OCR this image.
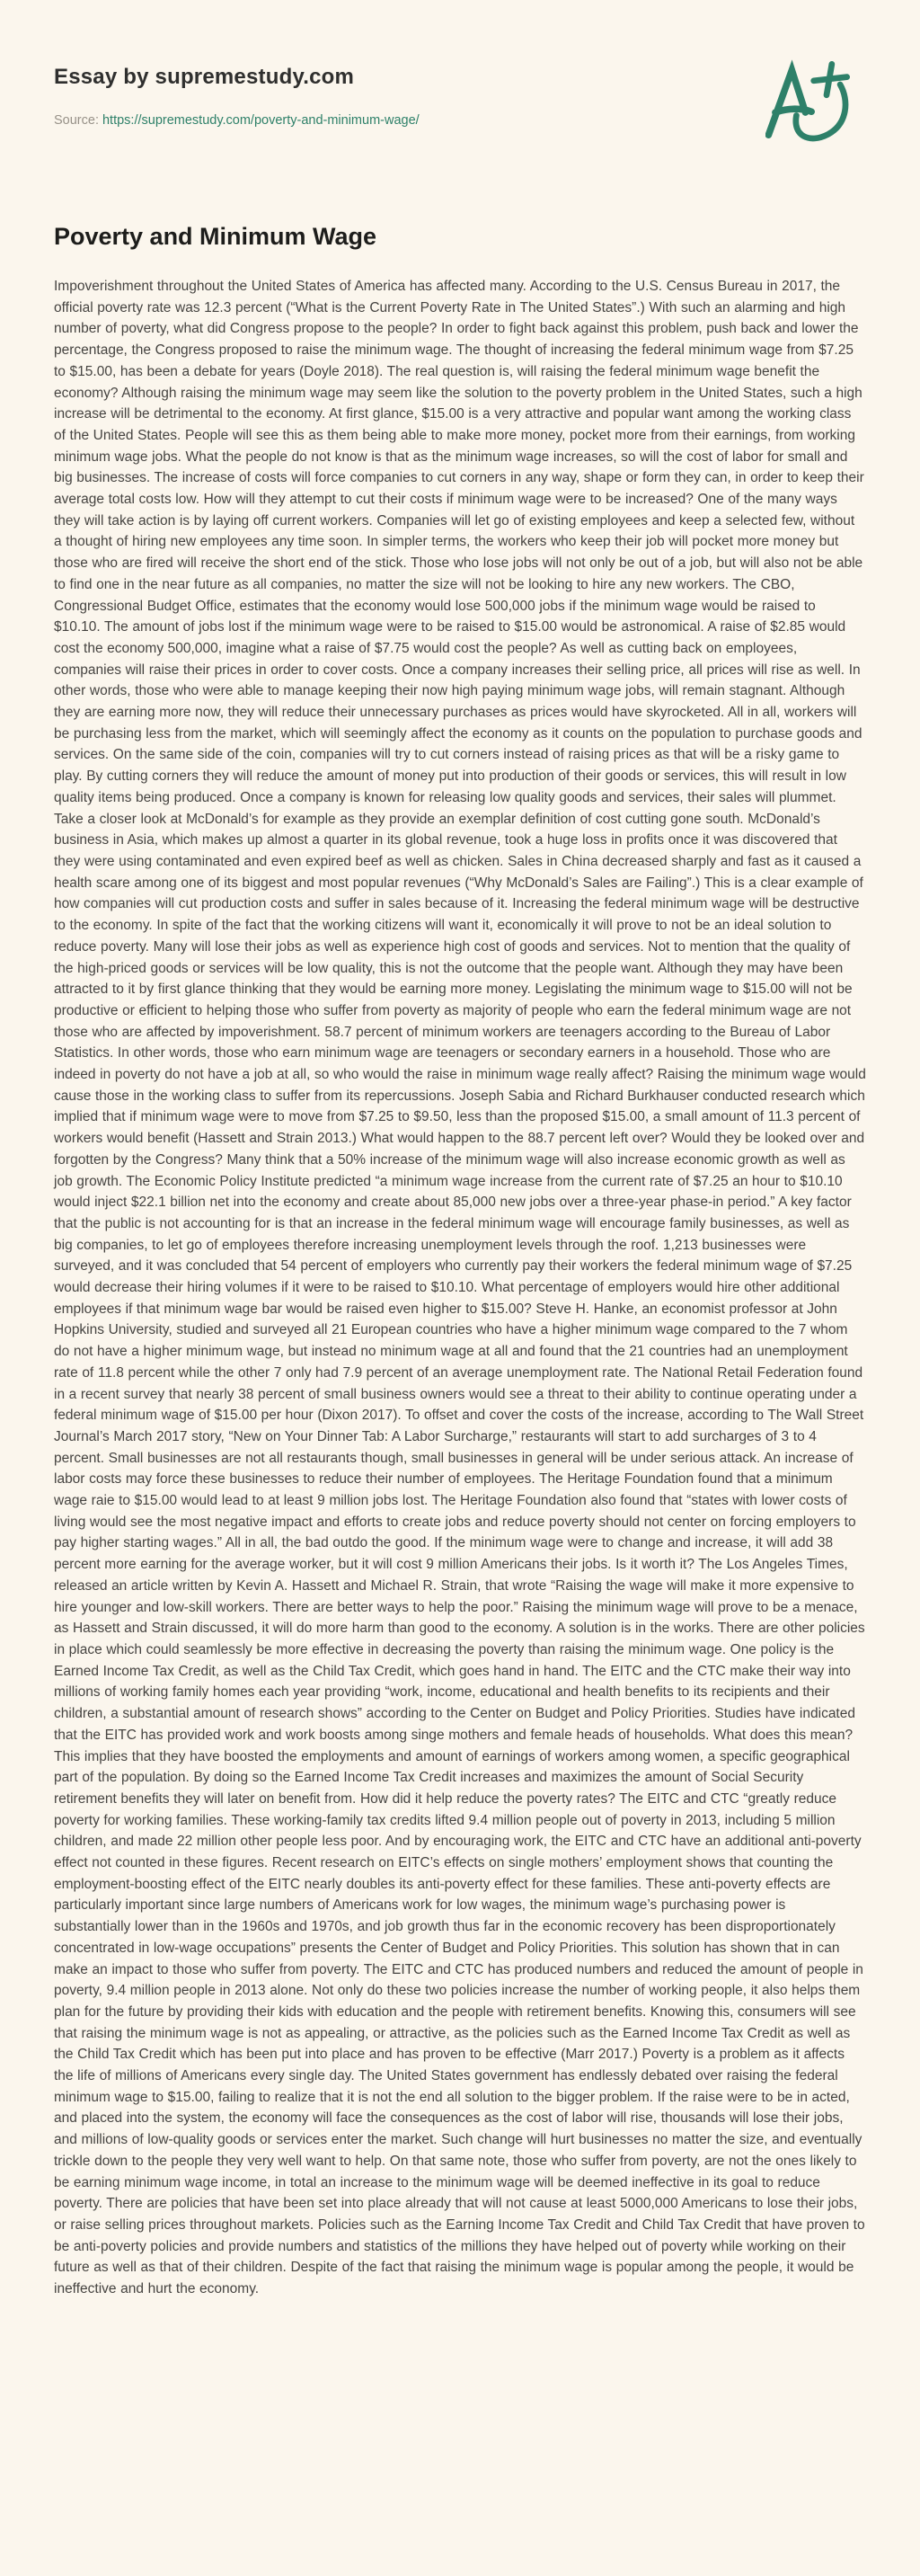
Essay by supremestudy.com

Source: https://supremestudy.com/poverty-and-minimum-wage/

Poverty and Minimum Wage

Impoverishment throughout the United States of America has affected many. According to the U.S. Census Bureau in 2017, the official poverty rate was 12.3 percent (“What is the Current Poverty Rate in The United States”.) With such an alarming and high number of poverty, what did Congress propose to the people? In order to fight back against this problem, push back and lower the percentage, the Congress proposed to raise the minimum wage. The thought of increasing the federal minimum wage from $7.25 to $15.00, has been a debate for years (Doyle 2018). The real question is, will raising the federal minimum wage benefit the economy? Although raising the minimum wage may seem like the solution to the poverty problem in the United States, such a high increase will be detrimental to the economy. At first glance, $15.00 is a very attractive and popular want among the working class of the United States. People will see this as them being able to make more money, pocket more from their earnings, from working minimum wage jobs. What the people do not know is that as the minimum wage increases, so will the cost of labor for small and big businesses. The increase of costs will force companies to cut corners in any way, shape or form they can, in order to keep their average total costs low. How will they attempt to cut their costs if minimum wage were to be increased? One of the many ways they will take action is by laying off current workers. Companies will let go of existing employees and keep a selected few, without a thought of hiring new employees any time soon. In simpler terms, the workers who keep their job will pocket more money but those who are fired will receive the short end of the stick. Those who lose jobs will not only be out of a job, but will also not be able to find one in the near future as all companies, no matter the size will not be looking to hire any new workers. The CBO, Congressional Budget Office, estimates that the economy would lose 500,000 jobs if the minimum wage would be raised to $10.10. The amount of jobs lost if the minimum wage were to be raised to $15.00 would be astronomical. A raise of $2.85 would cost the economy 500,000, imagine what a raise of $7.75 would cost the people? As well as cutting back on employees, companies will raise their prices in order to cover costs. Once a company increases their selling price, all prices will rise as well. In other words, those who were able to manage keeping their now high paying minimum wage jobs, will remain stagnant. Although they are earning more now, they will reduce their unnecessary purchases as prices would have skyrocketed. All in all, workers will be purchasing less from the market, which will seemingly affect the economy as it counts on the population to purchase goods and services. On the same side of the coin, companies will try to cut corners instead of raising prices as that will be a risky game to play. By cutting corners they will reduce the amount of money put into production of their goods or services, this will result in low quality items being produced. Once a company is known for releasing low quality goods and services, their sales will plummet. Take a closer look at McDonald’s for example as they provide an exemplar definition of cost cutting gone south. McDonald’s business in Asia, which makes up almost a quarter in its global revenue, took a huge loss in profits once it was discovered that they were using contaminated and even expired beef as well as chicken. Sales in China decreased sharply and fast as it caused a health scare among one of its biggest and most popular revenues (“Why McDonald’s Sales are Failing”.) This is a clear example of how companies will cut production costs and suffer in sales because of it. Increasing the federal minimum wage will be destructive to the economy. In spite of the fact that the working citizens will want it, economically it will prove to not be an ideal solution to reduce poverty. Many will lose their jobs as well as experience high cost of goods and services. Not to mention that the quality of the high-priced goods or services will be low quality, this is not the outcome that the people want. Although they may have been attracted to it by first glance thinking that they would be earning more money. Legislating the minimum wage to $15.00 will not be productive or efficient to helping those who suffer from poverty as majority of people who earn the federal minimum wage are not those who are affected by impoverishment. 58.7 percent of minimum workers are teenagers according to the Bureau of Labor Statistics. In other words, those who earn minimum wage are teenagers or secondary earners in a household. Those who are indeed in poverty do not have a job at all, so who would the raise in minimum wage really affect? Raising the minimum wage would cause those in the working class to suffer from its repercussions. Joseph Sabia and Richard Burkhauser conducted research which implied that if minimum wage were to move from $7.25 to $9.50, less than the proposed $15.00, a small amount of 11.3 percent of workers would benefit (Hassett and Strain 2013.) What would happen to the 88.7 percent left over? Would they be looked over and forgotten by the Congress? Many think that a 50% increase of the minimum wage will also increase economic growth as well as job growth. The Economic Policy Institute predicted “a minimum wage increase from the current rate of $7.25 an hour to $10.10 would inject $22.1 billion net into the economy and create about 85,000 new jobs over a three-year phase-in period.” A key factor that the public is not accounting for is that an increase in the federal minimum wage will encourage family businesses, as well as big companies, to let go of employees therefore increasing unemployment levels through the roof. 1,213 businesses were surveyed, and it was concluded that 54 percent of employers who currently pay their workers the federal minimum wage of $7.25 would decrease their hiring volumes if it were to be raised to $10.10. What percentage of employers would hire other additional employees if that minimum wage bar would be raised even higher to $15.00? Steve H. Hanke, an economist professor at John Hopkins University, studied and surveyed all 21 European countries who have a higher minimum wage compared to the 7 whom do not have a higher minimum wage, but instead no minimum wage at all and found that the 21 countries had an unemployment rate of 11.8 percent while the other 7 only had 7.9 percent of an average unemployment rate. The National Retail Federation found in a recent survey that nearly 38 percent of small business owners would see a threat to their ability to continue operating under a federal minimum wage of $15.00 per hour (Dixon 2017). To offset and cover the costs of the increase, according to The Wall Street Journal’s March 2017 story, “New on Your Dinner Tab: A Labor Surcharge,” restaurants will start to add surcharges of 3 to 4 percent. Small businesses are not all restaurants though, small businesses in general will be under serious attack. An increase of labor costs may force these businesses to reduce their number of employees. The Heritage Foundation found that a minimum wage raie to $15.00 would lead to at least 9 million jobs lost. The Heritage Foundation also found that “states with lower costs of living would see the most negative impact and efforts to create jobs and reduce poverty should not center on forcing employers to pay higher starting wages.” All in all, the bad outdo the good. If the minimum wage were to change and increase, it will add 38 percent more earning for the average worker, but it will cost 9 million Americans their jobs. Is it worth it? The Los Angeles Times, released an article written by Kevin A. Hassett and Michael R. Strain, that wrote “Raising the wage will make it more expensive to hire younger and low-skill workers. There are better ways to help the poor.” Raising the minimum wage will prove to be a menace, as Hassett and Strain discussed, it will do more harm than good to the economy. A solution is in the works. There are other policies in place which could seamlessly be more effective in decreasing the poverty than raising the minimum wage. One policy is the Earned Income Tax Credit, as well as the Child Tax Credit, which goes hand in hand. The EITC and the CTC make their way into millions of working family homes each year providing “work, income, educational and health benefits to its recipients and their children, a substantial amount of research shows” according to the Center on Budget and Policy Priorities. Studies have indicated that the EITC has provided work and work boosts among singe mothers and female heads of households. What does this mean? This implies that they have boosted the employments and amount of earnings of workers among women, a specific geographical part of the population. By doing so the Earned Income Tax Credit increases and maximizes the amount of Social Security retirement benefits they will later on benefit from. How did it help reduce the poverty rates? The EITC and CTC “greatly reduce poverty for working families. These working-family tax credits lifted 9.4 million people out of poverty in 2013, including 5 million children, and made 22 million other people less poor. And by encouraging work, the EITC and CTC have an additional anti-poverty effect not counted in these figures. Recent research on EITC’s effects on single mothers’ employment shows that counting the employment-boosting effect of the EITC nearly doubles its anti-poverty effect for these families. These anti-poverty effects are particularly important since large numbers of Americans work for low wages, the minimum wage’s purchasing power is substantially lower than in the 1960s and 1970s, and job growth thus far in the economic recovery has been disproportionately concentrated in low-wage occupations” presents the Center of Budget and Policy Priorities. This solution has shown that in can make an impact to those who suffer from poverty. The EITC and CTC has produced numbers and reduced the amount of people in poverty, 9.4 million people in 2013 alone. Not only do these two policies increase the number of working people, it also helps them plan for the future by providing their kids with education and the people with retirement benefits. Knowing this, consumers will see that raising the minimum wage is not as appealing, or attractive, as the policies such as the Earned Income Tax Credit as well as the Child Tax Credit which has been put into place and has proven to be effective (Marr 2017.) Poverty is a problem as it affects the life of millions of Americans every single day. The United States government has endlessly debated over raising the federal minimum wage to $15.00, failing to realize that it is not the end all solution to the bigger problem. If the raise were to be in acted, and placed into the system, the economy will face the consequences as the cost of labor will rise, thousands will lose their jobs, and millions of low-quality goods or services enter the market. Such change will hurt businesses no matter the size, and eventually trickle down to the people they very well want to help. On that same note, those who suffer from poverty, are not the ones likely to be earning minimum wage income, in total an increase to the minimum wage will be deemed ineffective in its goal to reduce poverty. There are policies that have been set into place already that will not cause at least 5000,000 Americans to lose their jobs, or raise selling prices throughout markets. Policies such as the Earning Income Tax Credit and Child Tax Credit that have proven to be anti-poverty policies and provide numbers and statistics of the millions they have helped out of poverty while working on their future as well as that of their children. Despite of the fact that raising the minimum wage is popular among the people, it would be ineffective and hurt the economy.
